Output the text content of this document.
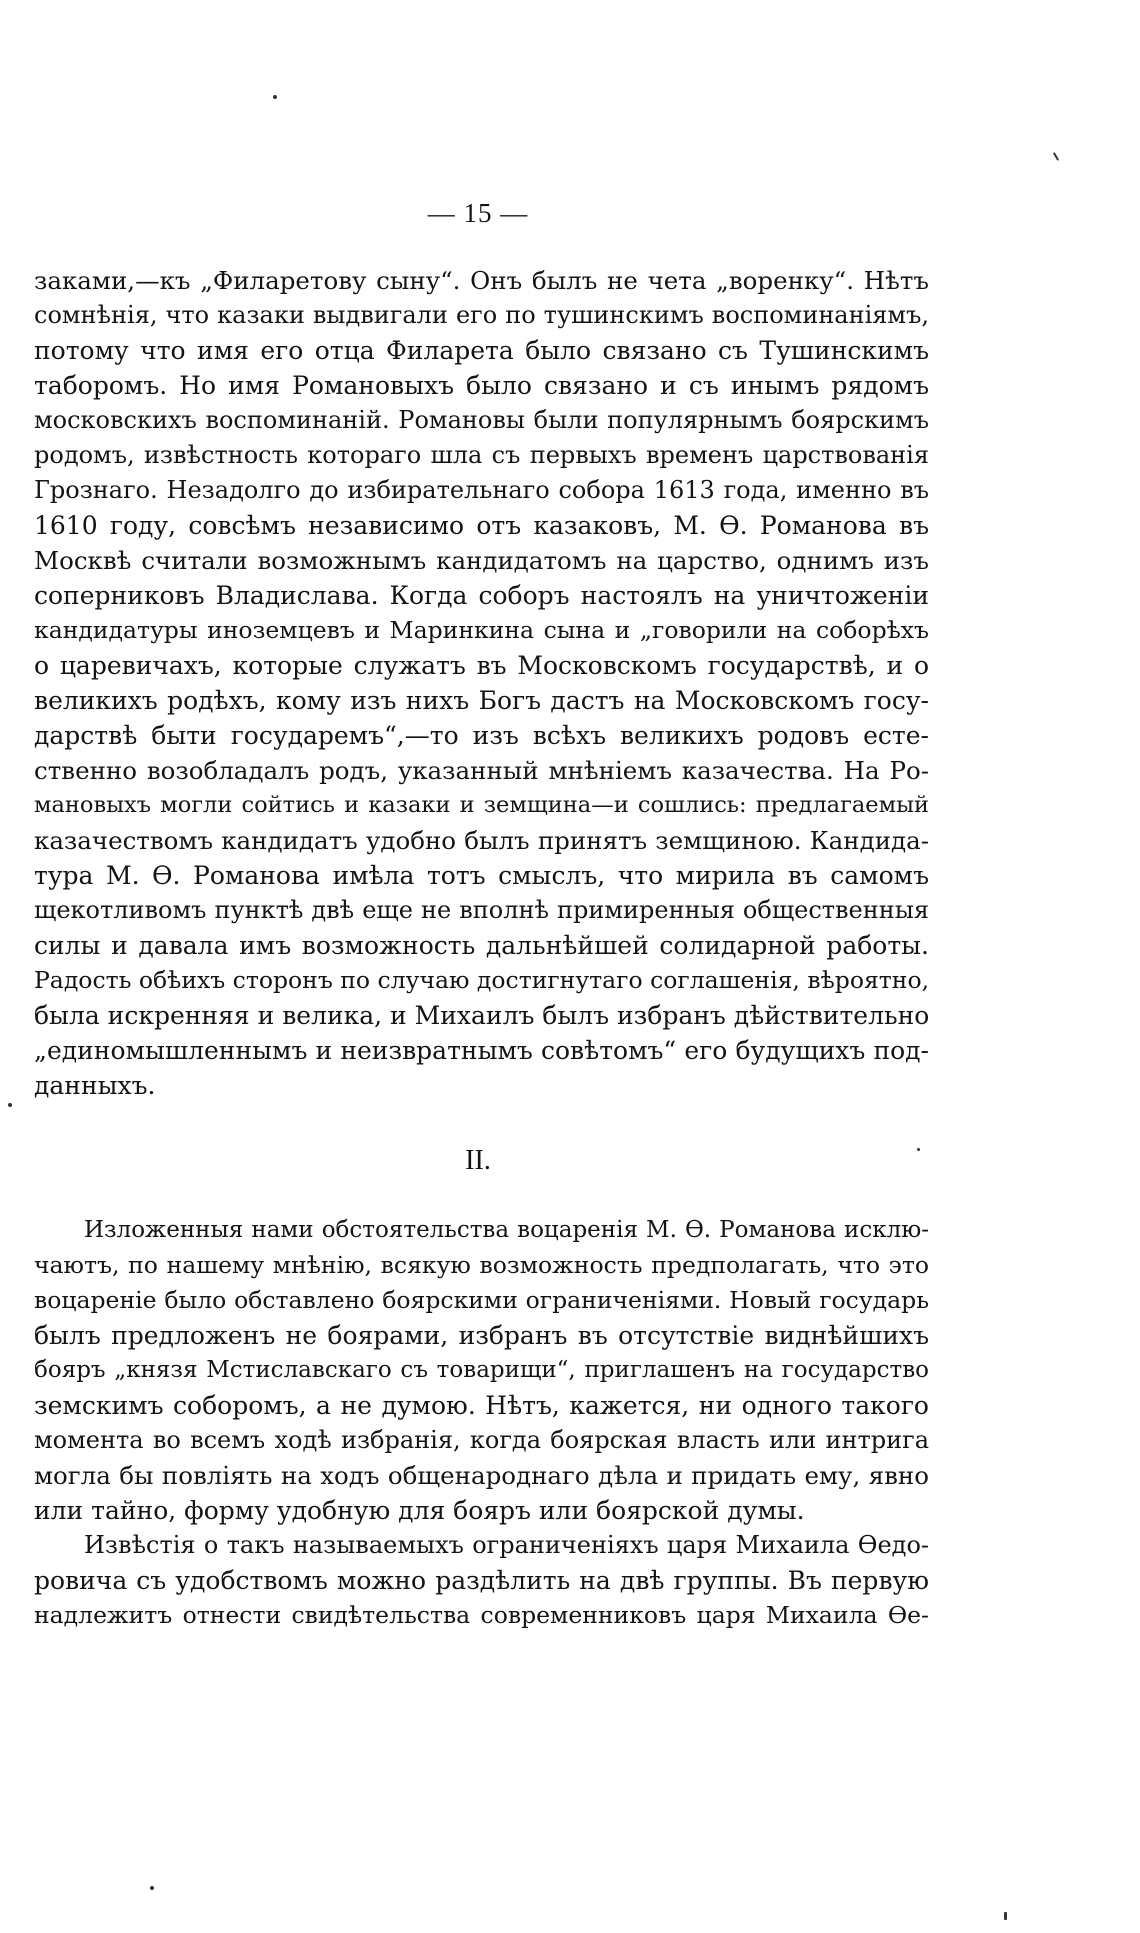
— 15 —
заками,—къ „Филаретову сыну“. Онъ былъ не чета „воренку“. Нѣтъ
сомнѣнія, что казаки выдвигали его по тушинскимъ воспоминаніямъ,
потому что имя его отца Филарета было связано съ Тушинскимъ
таборомъ. Но имя Романовыхъ было связано и съ инымъ рядомъ
московскихъ воспоминаній. Романовы были популярнымъ боярскимъ
родомъ, извѣстность котораго шла съ первыхъ временъ царствованія
Грознаго. Незадолго до избирательнаго собора 1613 года, именно въ
1610 году, совсѣмъ независимо отъ казаковъ, М. Ѳ. Романова въ
Москвѣ считали возможнымъ кандидатомъ на царство, однимъ изъ
соперниковъ Владислава. Когда соборъ настоялъ на уничтоженіи
кандидатуры иноземцевъ и Маринкина сына и „говорили на соборѣхъ
о царевичахъ, которые служатъ въ Московскомъ государствѣ, и о
великихъ родѣхъ, кому изъ нихъ Богъ дастъ на Московскомъ госу-
дарствѣ быти государемъ“,—то изъ всѣхъ великихъ родовъ есте-
ственно возобладалъ родъ, указанный мнѣніемъ казачества. На Ро-
мановыхъ могли сойтись и казаки и земщина—и сошлись: предлагаемый
казачествомъ кандидатъ удобно былъ принятъ земщиною. Кандида-
тура М. Ѳ. Романова имѣла тотъ смыслъ, что мирила въ самомъ
щекотливомъ пунктѣ двѣ еще не вполнѣ примиренныя общественныя
силы и давала имъ возможность дальнѣйшей солидарной работы.
Радость обѣихъ сторонъ по случаю достигнутаго соглашенія, вѣроятно,
была искренняя и велика, и Михаилъ былъ избранъ дѣйствительно
„единомышленнымъ и неизвратнымъ совѣтомъ“ его будущихъ под-
данныхъ.
II.
Изложенныя нами обстоятельства воцаренія М. Ѳ. Романова исклю-
чаютъ, по нашему мнѣнію, всякую возможность предполагать, что это
воцареніе было обставлено боярскими ограниченіями. Новый государь
былъ предложенъ не боярами, избранъ въ отсутствіе виднѣйшихъ
бояръ „князя Мстиславскаго съ товарищи“, приглашенъ на государство
земскимъ соборомъ, а не думою. Нѣтъ, кажется, ни одного такого
момента во всемъ ходѣ избранія, когда боярская власть или интрига
могла бы повліять на ходъ общенароднаго дѣла и придать ему, явно
или тайно, форму удобную для бояръ или боярской думы.
Извѣстія о такъ называемыхъ ограниченіяхъ царя Михаила Ѳедо-
ровича съ удобствомъ можно раздѣлить на двѣ группы. Въ первую
надлежитъ отнести свидѣтельства современниковъ царя Михаила Ѳе-
